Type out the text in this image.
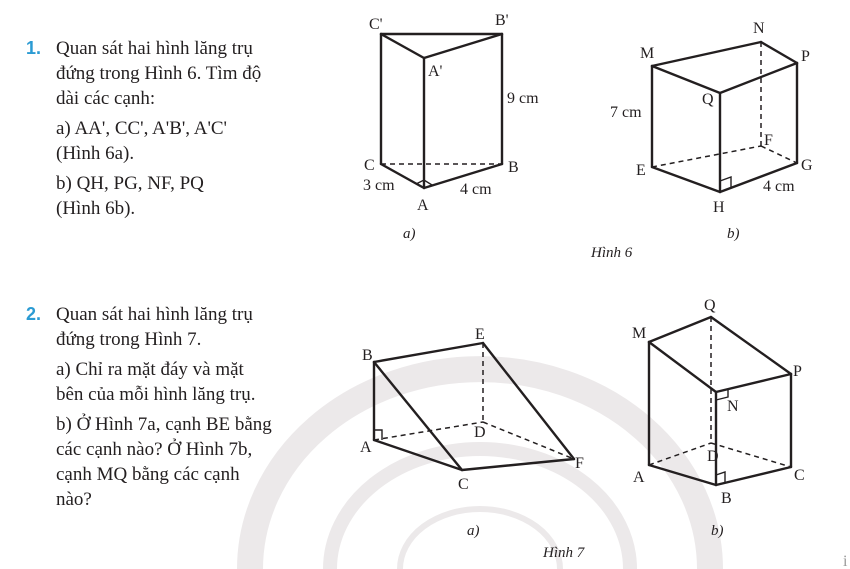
1. Quan sát hai hình lăng trụ

đứng trong Hình 6. Tìm độ

dài các cạnh:

a) AA', CC', A'B', A'C'

(Hình 6a).

b) QH, PG, NF, PQ

(Hình 6b).

2. Quan sát hai hình lăng trụ

đứng trong Hình 7.

a) Chỉ ra mặt đáy và mặt

bên của mỗi hình lăng trụ.

b) Ở Hình 7a, cạnh BE bằng

các cạnh nào? Ở Hình 7b,

cạnh MQ bằng các cạnh

nào?

C'	B'
A'
C	B
A
9 cm
3 cm	4 cm
a)
M
N
P
Q
E
F
G
H
7 cm
4 cm
b)
Hình 6
B
E
A
D
C
F
a)
Q
M
P
N
D
A	C
B
b)
Hình 7	i
